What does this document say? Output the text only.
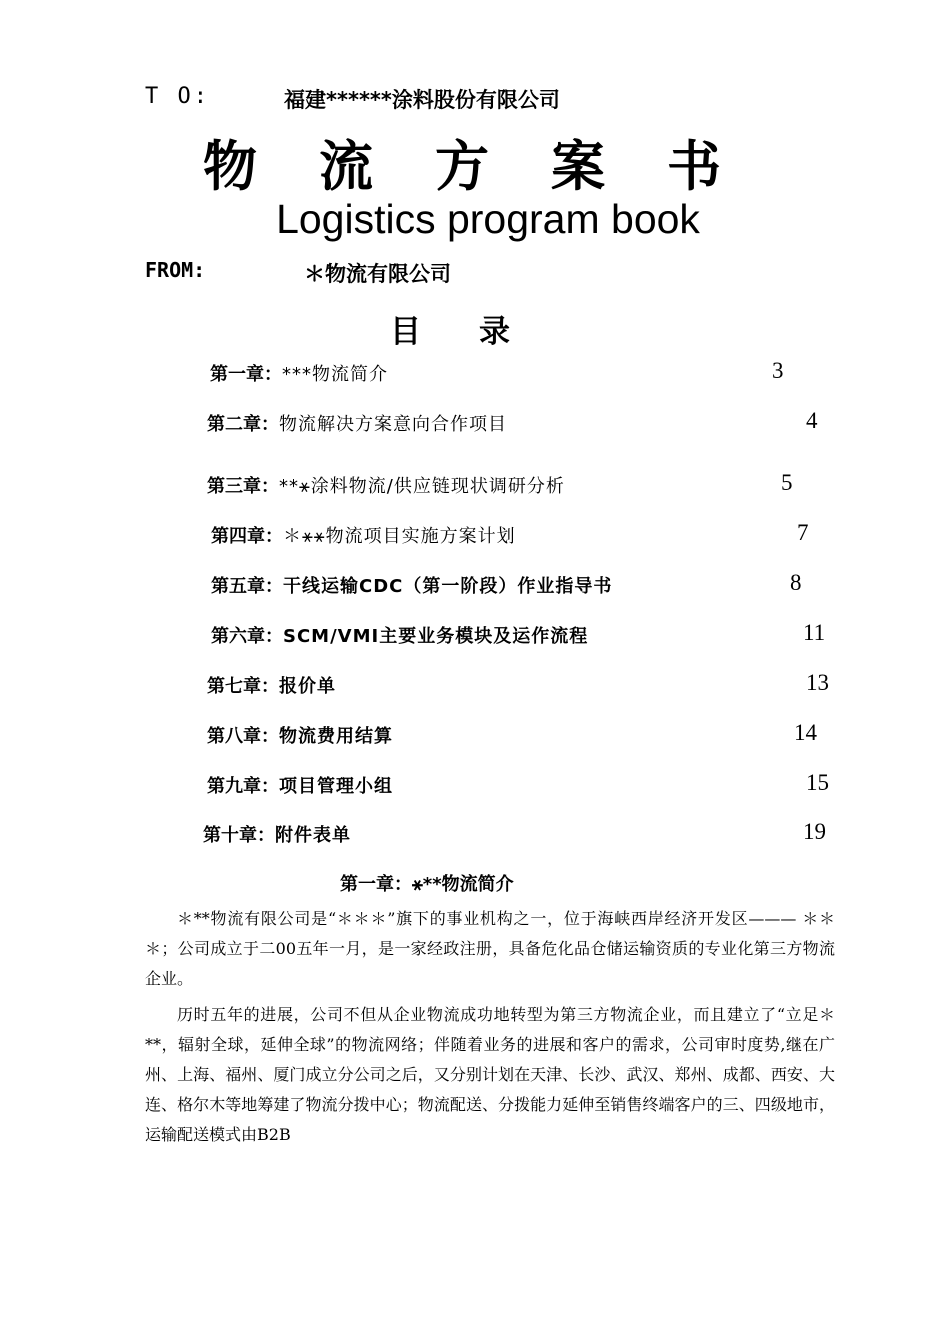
T O:	福建******涂料股份有限公司
物流方案书
Logistics program book
FROM:	＊物流有限公司
目录
第一章：***物流简介	3
第二章：物流解决方案意向合作项目	4
第三章：**⚹涂料物流/供应链现状调研分析	5
第四章：＊⚹⚹物流项目实施方案计划	7
第五章：干线运输CDC（第一阶段）作业指导书	8
第六章：SCM/VMI主要业务模块及运作流程	11
第七章：报价单	13
第八章：物流费用结算	14
第九章：项目管理小组	15
第十章：附件表单	19
第一章：⚹**物流简介

＊**物流有限公司是“＊＊＊”旗下的事业机构之一，位于海峡西岸经济开发区——— ＊＊＊；公司成立于二00五年一月，是一家经政注册，具备危化品仓储运输资质的专业化第三方物流企业。

历时五年的进展，公司不但从企业物流成功地转型为第三方物流企业，而且建立了“立足＊**，辐射全球，延伸全球”的物流网络；伴随着业务的进展和客户的需求，公司审时度势,继在广州、上海、福州、厦门成立分公司之后，又分别计划在天津、长沙、武汉、郑州、成都、西安、大连、格尔木等地筹建了物流分拨中心；物流配送、分拨能力延伸至销售终端客户的三、四级地市，运输配送模式由B2B
